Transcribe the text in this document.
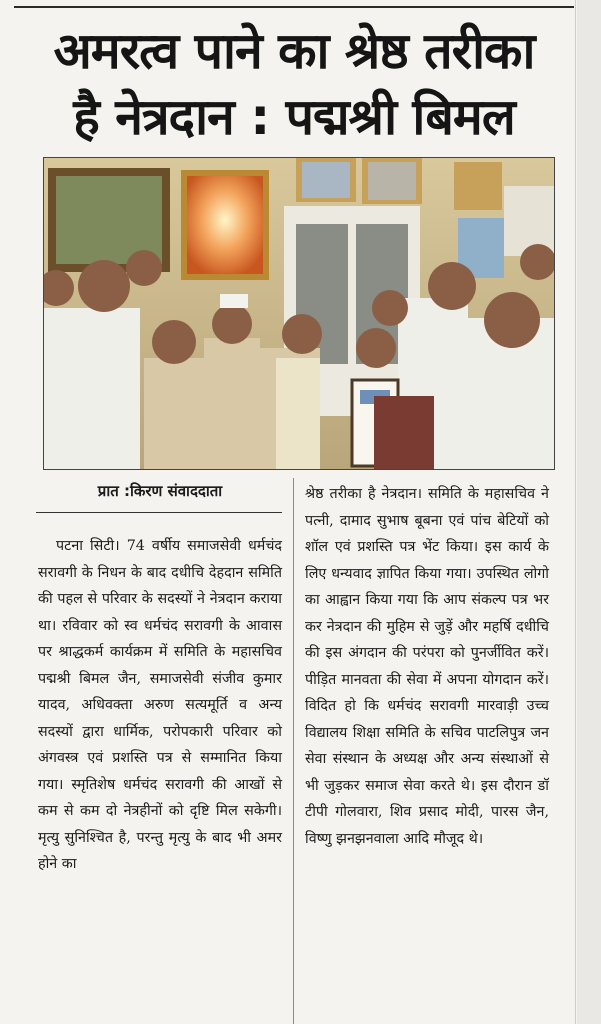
अमरत्व पाने का श्रेष्ठ तरीका
है नेत्रदान : पद्मश्री बिमल
प्रात :किरण संवाददाता

पटना सिटी। 74 वर्षीय समाजसेवी धर्मचंद सरावगी के निधन के बाद दधीचि देहदान समिति की पहल से परिवार के सदस्यों ने नेत्रदान कराया था। रविवार को स्व धर्मचंद सरावगी के आवास पर श्राद्धकर्म कार्यक्रम में समिति के महासचिव पद्मश्री बिमल जैन, समाजसेवी संजीव कुमार यादव, अधिवक्ता अरुण सत्यमूर्ति व अन्य सदस्यों द्वारा धार्मिक, परोपकारी परिवार को अंगवस्त्र एवं प्रशस्ति पत्र से सम्मानित किया गया। स्मृतिशेष धर्मचंद सरावगी की आखों से कम से कम दो नेत्रहीनों को दृष्टि मिल सकेगी। मृत्यु सुनिश्चित है, परन्तु मृत्यु के बाद भी अमर होने का

श्रेष्ठ तरीका है नेत्रदान। समिति के महासचिव ने पत्नी, दामाद सुभाष बूबना एवं पांच बेटियों को शॉल एवं प्रशस्ति पत्र भेंट किया। इस कार्य के लिए धन्यवाद ज्ञापित किया गया। उपस्थित लोगो का आह्वान किया गया कि आप संकल्प पत्र भर कर नेत्रदान की मुहिम से जुड़ें और महर्षि दधीचि की इस अंगदान की परंपरा को पुनर्जीवित करें। पीड़ित मानवता की सेवा में अपना योगदान करें। विदित हो कि धर्मचंद सरावगी मारवाड़ी उच्च विद्यालय शिक्षा समिति के सचिव पाटलिपुत्र जन सेवा संस्थान के अध्यक्ष और अन्य संस्थाओं से भी जुड़कर समाज सेवा करते थे। इस दौरान डॉ टीपी गोलवारा, शिव प्रसाद मोदी, पारस जैन, विष्णु झनझनवाला आदि मौजूद थे।
